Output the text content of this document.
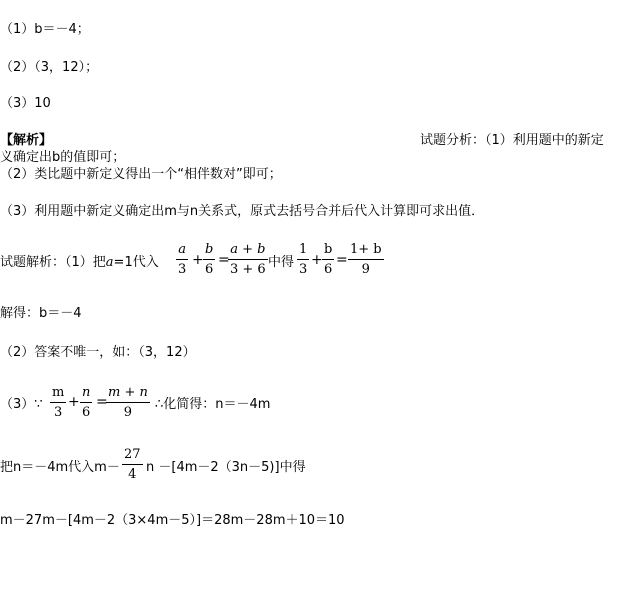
（1）b＝－4；
（2）（3，12）；
（3）10
【解析】	试题分析：（1）利用题中的新定
义确定出b的值即可；
（2）类比题中新定义得出一个“相伴数对”即可；
（3）利用题中新定义确定出m与n关系式，原式去括号合并后代入计算即可求出值．
试题解析：（1）把a=1代入
a
3
+
b
6
=
a + b
3 + 6 中得
1
3
+
b
6
=
1+ b
9
解得：b＝－4
（2）答案不唯一，如：（3，12）
（3）∵
m
3
+
n
6
=
m + n
9
∴化简得：n＝－4m
把n＝－4m代入m－
27
4 n －[4m－2（3n－5)]中得
m－27m－[4m－2（3×4m－5）]＝28m－28m＋10＝10
